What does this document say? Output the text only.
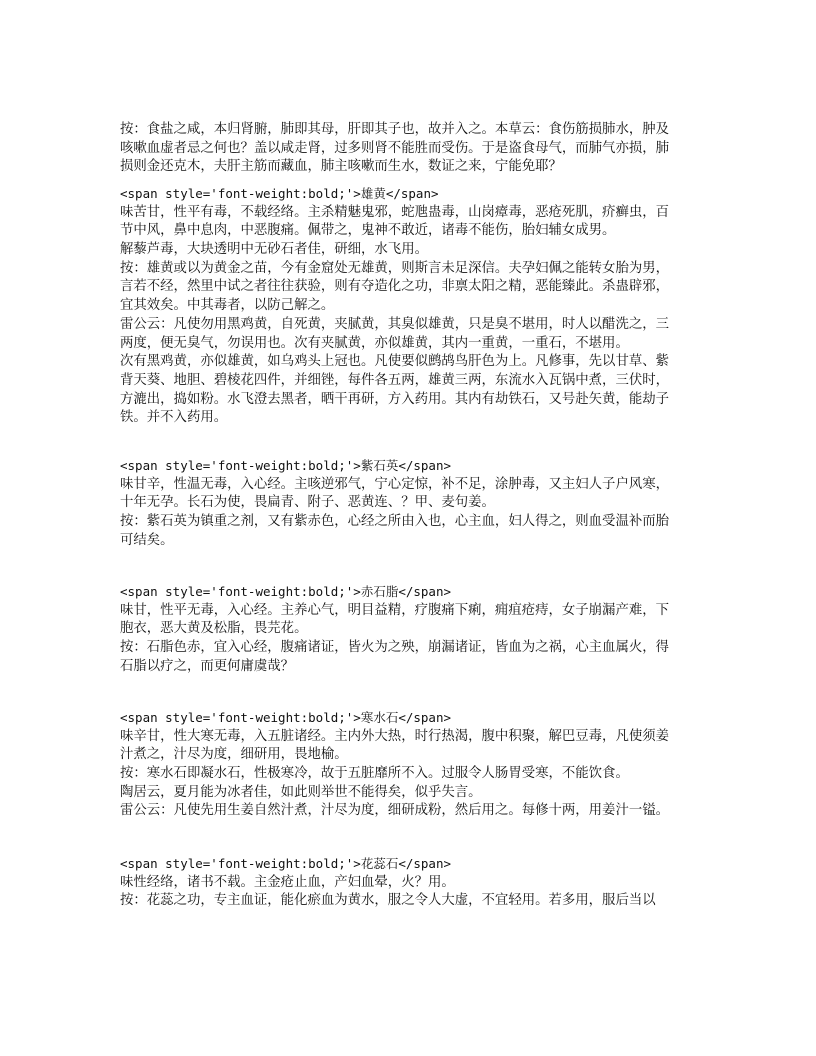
按：食盐之咸，本归肾腑，肺即其母，肝即其子也，故并入之。本草云：食伤筋损肺水，肿及
咳嗽血虚者忌之何也？盖以咸走肾，过多则肾不能胜而受伤。于是盗食母气，而肺气亦损，肺
损则金还克木，夫肝主筋而藏血，肺主咳嗽而生水，数证之来，宁能免耶？
<span style='font-weight:bold;'>雄黄</span>
味苦甘，性平有毒，不载经络。主杀精魅鬼邪，蛇虺蛊毒，山岗瘴毒，恶疮死肌，疥癣虫，百
节中风，鼻中息肉，中恶腹痛。佩带之，鬼神不敢近，诸毒不能伤，胎妇辅女成男。
解藜芦毒，大块透明中无砂石者佳，研细，水飞用。
按：雄黄或以为黄金之苗，今有金窟处无雄黄，则斯言未足深信。夫孕妇佩之能转女胎为男，
言若不经，然里中试之者往往获验，则有夺造化之功，非禀太阳之精，恶能臻此。杀蛊辟邪，
宜其效矣。中其毒者，以防己解之。
雷公云：凡使勿用黑鸡黄，自死黄，夹腻黄，其臭似雄黄，只是臭不堪用，时人以醋洗之，三
两度，便无臭气，勿误用也。次有夹腻黄，亦似雄黄，其内一重黄，一重石，不堪用。
次有黑鸡黄，亦似雄黄，如乌鸡头上冠也。凡使要似鹧鸪鸟肝色为上。凡修事，先以甘草、紫
背天葵、地胆、碧棱花四件，并细锉，每件各五两，雄黄三两，东流水入瓦锅中煮，三伏时，
方漉出，捣如粉。水飞澄去黑者，晒干再研，方入药用。其内有劫铁石，又号赴矢黄，能劫子
铁。并不入药用。
<span style='font-weight:bold;'>紫石英</span>
味甘辛，性温无毒，入心经。主咳逆邪气，宁心定惊，补不足，涂肿毒，又主妇人子户风寒，
十年无孕。长石为使，畏扁青、附子、恶黄连、？甲、麦句姜。
按：紫石英为镇重之剂，又有紫赤色，心经之所由入也，心主血，妇人得之，则血受温补而胎
可结矣。
<span style='font-weight:bold;'>赤石脂</span>
味甘，性平无毒，入心经。主养心气，明目益精，疗腹痛下痢，痈疽疮痔，女子崩漏产难，下
胞衣，恶大黄及松脂，畏芫花。
按：石脂色赤，宜入心经，腹痛诸证，皆火为之殃，崩漏诸证，皆血为之祸，心主血属火，得
石脂以疗之，而更何庸虞哉？
<span style='font-weight:bold;'>寒水石</span>
味辛甘，性大寒无毒，入五脏诸经。主内外大热，时行热渴，腹中积聚，解巴豆毒，凡使须姜
汁煮之，汁尽为度，细研用，畏地榆。
按：寒水石即凝水石，性极寒冷，故于五脏靡所不入。过服令人肠胃受寒，不能饮食。
陶居云，夏月能为冰者佳，如此则举世不能得矣，似乎失言。
雷公云：凡使先用生姜自然汁煮，汁尽为度，细研成粉，然后用之。每修十两，用姜汁一镒。
<span style='font-weight:bold;'>花蕊石</span>
味性经络，诸书不载。主金疮止血，产妇血晕，火？用。
按：花蕊之功，专主血证，能化瘀血为黄水，服之令人大虚，不宜轻用。若多用，服后当以
